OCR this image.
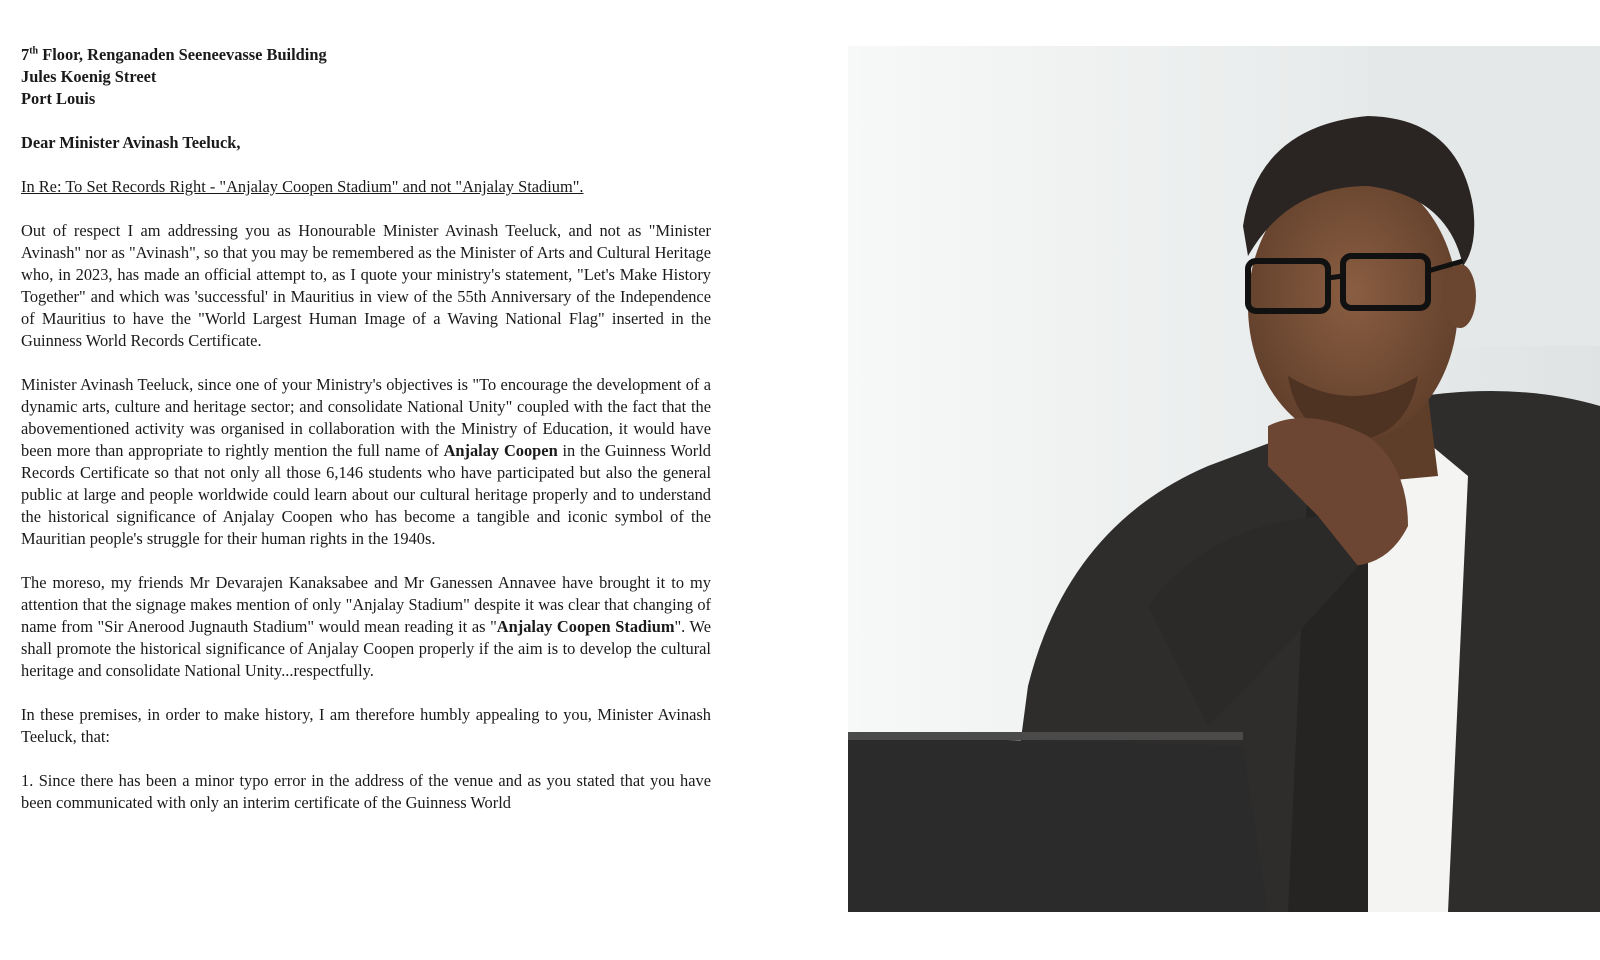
7th Floor, Renganaden Seeneevasse Building
Jules Koenig Street
Port Louis

Dear Minister Avinash Teeluck,

In Re: To Set Records Right - "Anjalay Coopen Stadium" and not "Anjalay Stadium".

Out of respect I am addressing you as Honourable Minister Avinash Teeluck, and not as "Minister Avinash" nor as "Avinash", so that you may be remembered as the Minister of Arts and Cultural Heritage who, in 2023, has made an official attempt to, as I quote your ministry's statement, "Let's Make History Together" and which was 'successful' in Mauritius in view of the 55th Anniversary of the Independence of Mauritius to have the "World Largest Human Image of a Waving National Flag" inserted in the Guinness World Records Certificate.

Minister Avinash Teeluck, since one of your Ministry's objectives is "To encourage the development of a dynamic arts, culture and heritage sector; and consolidate National Unity" coupled with the fact that the abovementioned activity was organised in collaboration with the Ministry of Education, it would have been more than appropriate to rightly mention the full name of Anjalay Coopen in the Guinness World Records Certificate so that not only all those 6,146 students who have participated but also the general public at large and people worldwide could learn about our cultural heritage properly and to understand the historical significance of Anjalay Coopen who has become a tangible and iconic symbol of the Mauritian people's struggle for their human rights in the 1940s.

The moreso, my friends Mr Devarajen Kanaksabee and Mr Ganessen Annavee have brought it to my attention that the signage makes mention of only "Anjalay Stadium" despite it was clear that changing of name from "Sir Anerood Jugnauth Stadium" would mean reading it as "Anjalay Coopen Stadium". We shall promote the historical significance of Anjalay Coopen properly if the aim is to develop the cultural heritage and consolidate National Unity...respectfully.

In these premises, in order to make history, I am therefore humbly appealing to you, Minister Avinash Teeluck, that:

1. Since there has been a minor typo error in the address of the venue and as you stated that you have been communicated with only an interim certificate of the Guinness World
